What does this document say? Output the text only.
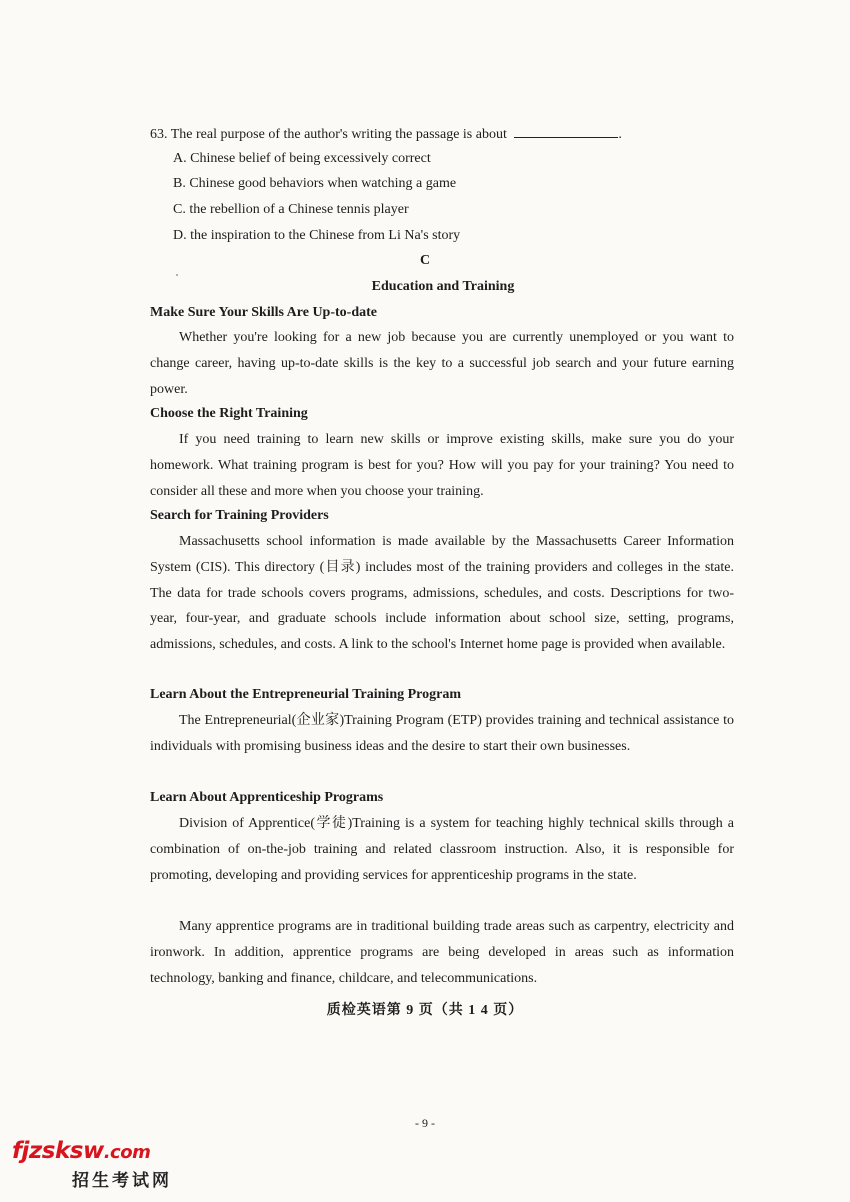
63. The real purpose of the author's writing the passage is about	.
A. Chinese belief of being excessively correct
B. Chinese good behaviors when watching a game
C. the rebellion of a Chinese tennis player
D. the inspiration to the Chinese from Li Na's story
C
Education and Training
Make Sure Your Skills Are Up-to-date

Whether you're looking for a new job because you are currently unemployed or you want to change career, having up-to-date skills is the key to a successful job search and your future earning power.

Choose the Right Training

If you need training to learn new skills or improve existing skills, make sure you do your homework. What training program is best for you? How will you pay for your training? You need to consider all these and more when you choose your training.

Search for Training Providers

Massachusetts school information is made available by the Massachusetts Career Information System (CIS). This directory (目录) includes most of the training providers and colleges in the state. The data for trade schools covers programs, admissions, schedules, and costs. Descriptions for two-year, four-year, and graduate schools include information about school size, setting, programs, admissions, schedules, and costs. A link to the school's Internet home page is provided when available.

Learn About the Entrepreneurial Training Program

The Entrepreneurial(企业家)Training Program (ETP) provides training and technical assistance to individuals with promising business ideas and the desire to start their own businesses.

Learn About Apprenticeship Programs

Division of Apprentice(学徒)Training is a system for teaching highly technical skills through a combination of on-the-job training and related classroom instruction. Also, it is responsible for promoting, developing and providing services for apprenticeship programs in the state.

Many apprentice programs are in traditional building trade areas such as carpentry, electricity and ironwork. In addition, apprentice programs are being developed in areas such as information technology, banking and finance, childcare, and telecommunications.

质检英语第 9 页（共 1 4 页）
- 9 -
fjzsksw.com
招生考试网
